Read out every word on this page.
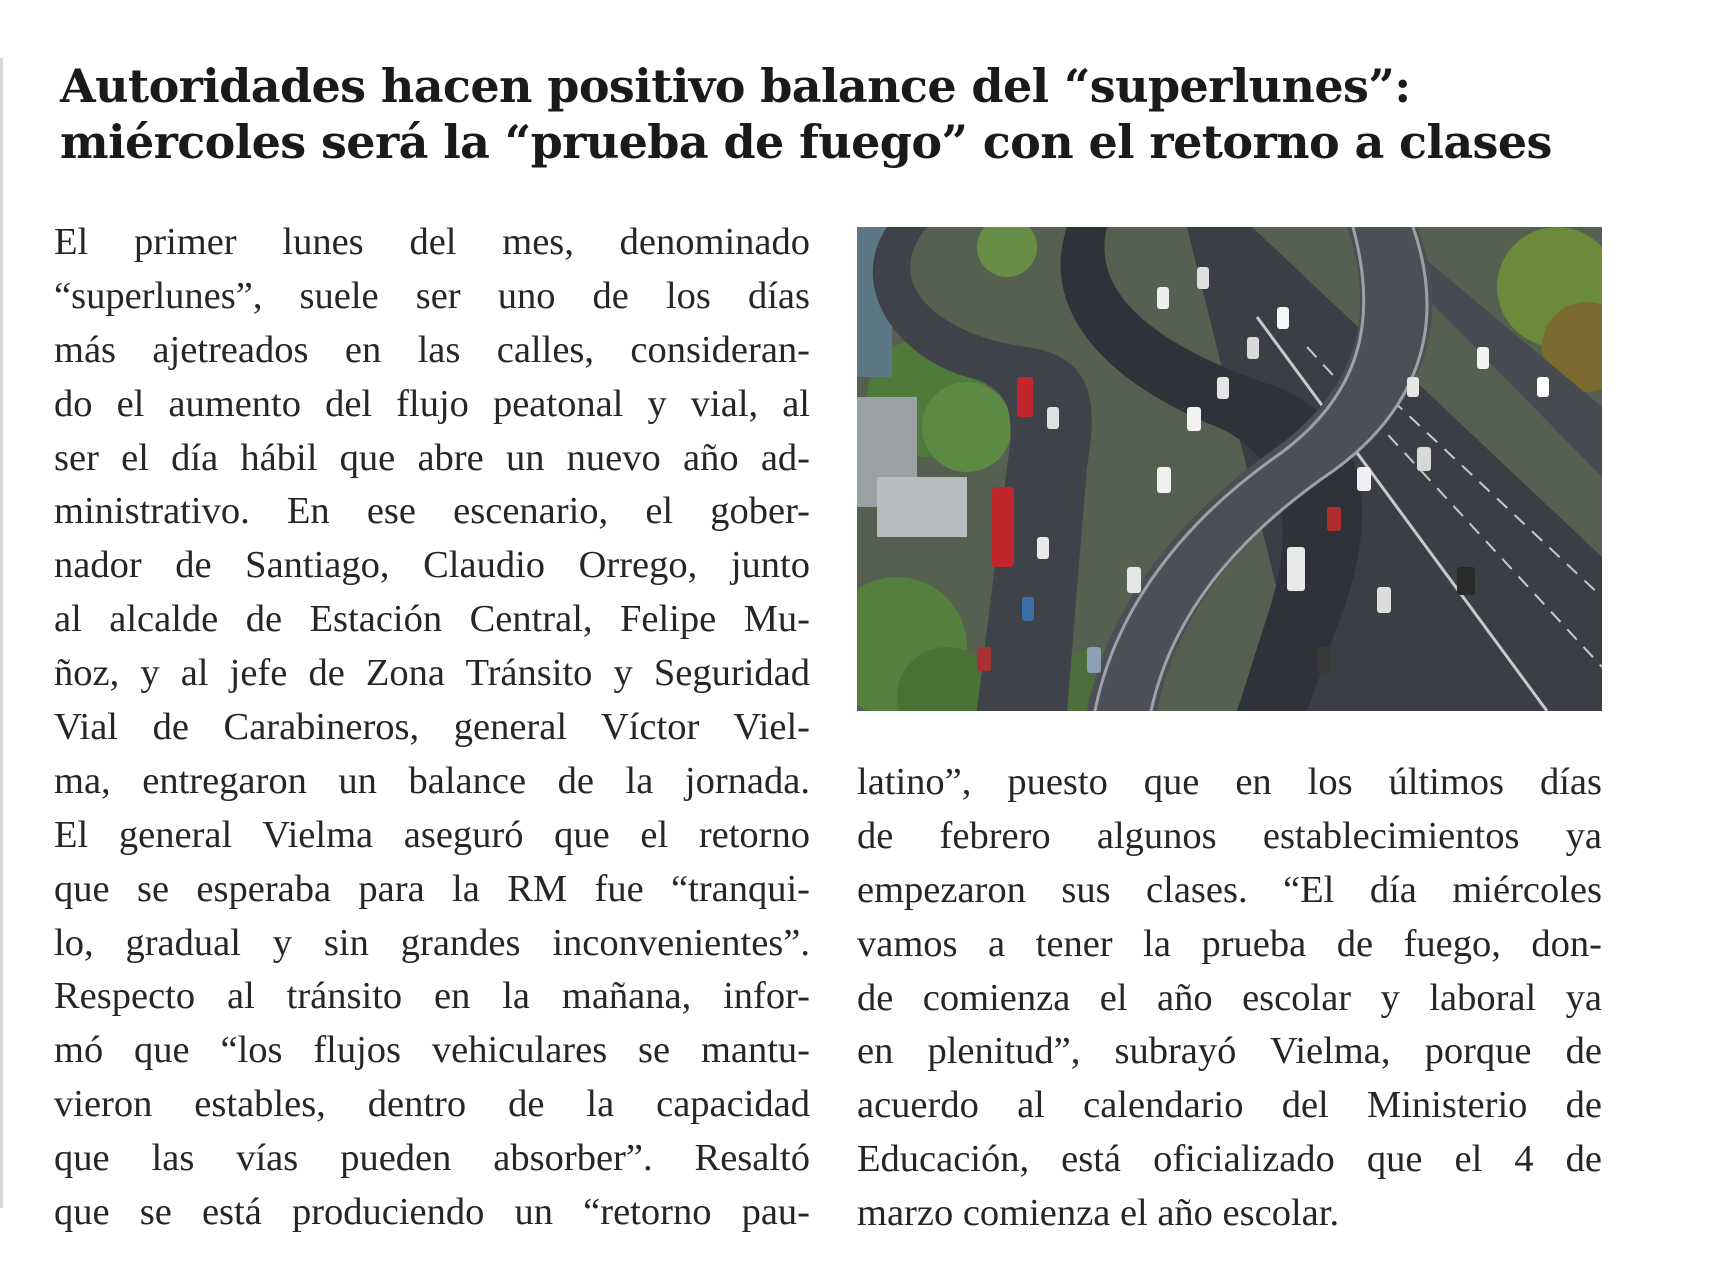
Autoridades hacen positivo balance del “superlunes”:
miércoles será la “prueba de fuego” con el retorno a clases
El primer lunes del mes, denominado
“superlunes”, suele ser uno de los días
más ajetreados en las calles, consideran-
do el aumento del flujo peatonal y vial, al
ser el día hábil que abre un nuevo año ad-
ministrativo. En ese escenario, el gober-
nador de Santiago, Claudio Orrego, junto
al alcalde de Estación Central, Felipe Mu-
ñoz, y al jefe de Zona Tránsito y Seguridad
Vial de Carabineros, general Víctor Viel-
ma, entregaron un balance de la jornada.
El general Vielma aseguró que el retorno
que se esperaba para la RM fue “tranqui-
lo, gradual y sin grandes inconvenientes”.
Respecto al tránsito en la mañana, infor-
mó que “los flujos vehiculares se mantu-
vieron estables, dentro de la capacidad
que las vías pueden absorber”. Resaltó
que se está produciendo un “retorno pau-
latino”, puesto que en los últimos días
de febrero algunos establecimientos ya
empezaron sus clases. “El día miércoles
vamos a tener la prueba de fuego, don-
de comienza el año escolar y laboral ya
en plenitud”, subrayó Vielma, porque de
acuerdo al calendario del Ministerio de
Educación, está oficializado que el 4 de
marzo comienza el año escolar.
